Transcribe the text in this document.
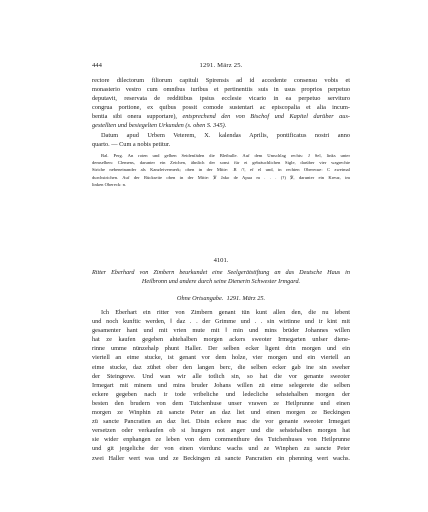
444	1291. März 25.
rectore dilectorum filiorum capituli Spirensis ad id accedente consensu vobis et
monasterio vestro cum omnibus iuribus et pertinentiis suis in usus proprios perpetuo
deputavit, reservata de redditibus ipsius ecclesie vicario in ea perpetuo serviturо
congrua portione, ex quibus possit comode sustentari ac episcopalia et alia incum-
bentia sibi onera supportare), entsprechend den von Bischof und Kapitel darüber aus-
gestellten und besiegelten Urkunden (s. oben S. 345).
Datum apud Urbem Veterem, X. kalendas Aprilis, pontificatus nostri anno
quarto. — Cum a nobis petitur.
Bal. Perg. An roten und gelben Seidenfäden die Bleibulle. Auf dem Umschlag rechts: J Sel, links unter
demselben: Clemens, darunter ein Zeichen, ähnlich der sonst für ei gebräuchlichen Sigle, darüber vier wagrechte
Striche nebeneinander als Kanzleivermerk; oben in der Mitte: .R /?, ef el und, in rechten Oberecке: C zweimal
durchstrichen. Auf der Rückseite oben in der Mitte: ℣ Jako de Apua m . . . (?) ℣, darunter ein Kreuz, im
linken Obereck: n.
4101.
Ritter Eberhard von Zimbern beurkundet eine Seelgerätstiftung an das Deutsche Haus in
Heilbronn und andere durch seine Dienerin Schwester Irmgard.
Ohne Ortsangabe. 1291. März 25.
Ich Eberhart ein ritter von Zimbern genant tün kunt allen den, die nu lebent
und noch kunftic werden, ‖ daz . . der Grimme und . . sin wirtinne und ir kint mit
gesamenter hant und mit vrien mute mit ‖ min und mins brüder Johannes willen
hat ze kaufen gegeben ahtehalben morgen ackers sweoter Irmegarten un‖ser diene-
rinne umme nünzehalp phunt Haller. Der selben ecker ligent drin morgen und ein
viertell an eime stucke, ist genant vor dem holze, vier morgen und ein viertell an
eime stucke, daz zühet ober den langen berc, die selben ecker gab ine sin sweher
der Steingreve. Und wan wir alle totlich sin, so hat die vor genante sweoter
Irmegart mit minem und mins bruder Johans willen zü eime selegerete die selben
eckere gegeben nach ir tode vribeliche und ledecliche sehstehalben morgen der
besten den brudern von dem Tutchenhuse unser vrawen ze Heilprunne und einen
morgen ze Winphin zü sancte Peter an daz liet und einen morgen ze Beckingen
zü sancte Pancratien an daz liet. Disin eckere mac die vor genante sweoter Irmegart
versetzen oder verkaufen ob si hungers not angeт und die sehstehalben morgen hat
sie wider enphangen ze leben von dem commenthure des Tutchenhuses von Heilprunne
und git jergeliche der von einen vierdunc wachs und ze Winphen zu sancte Peter
zwei Haller wert was und ze Beckingen zü sancte Pancratien ein phenning wert wachs.
